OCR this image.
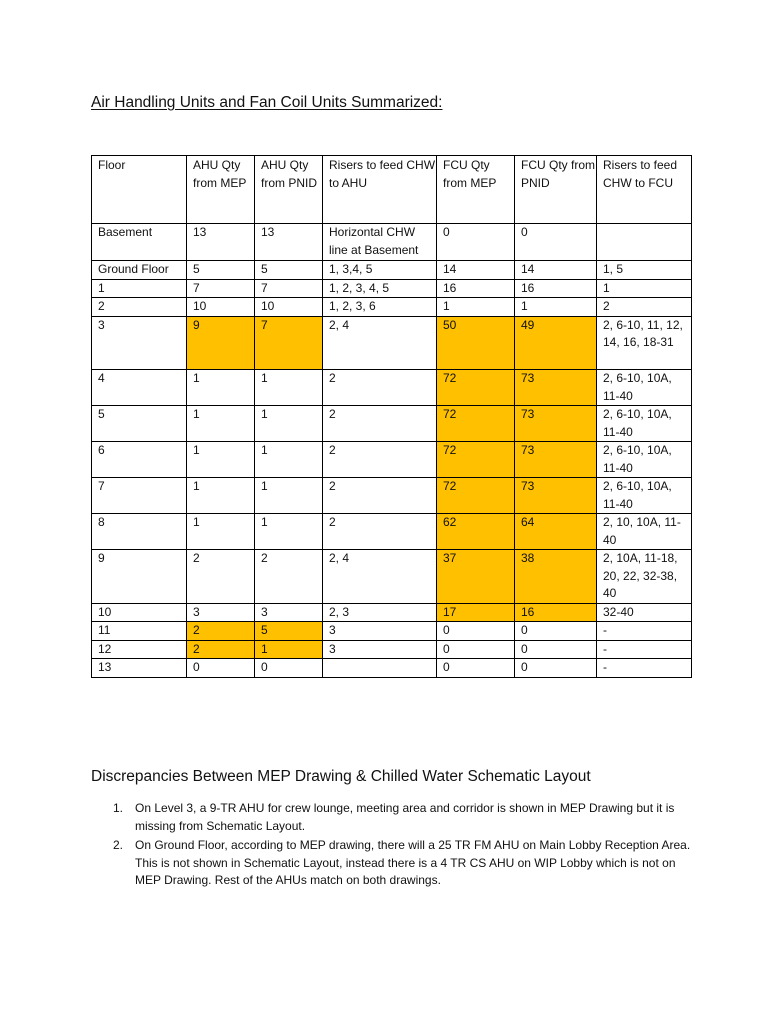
Air Handling Units and Fan Coil Units Summarized:
Floor	AHU Qty from MEP	AHU Qty from PNID	Risers to feed CHW to AHU	FCU Qty from MEP	FCU Qty from PNID	Risers to feed CHW to FCU
Basement	13	13	Horizontal CHW line at Basement	0	0	
Ground Floor	5	5	1, 3,4, 5	14	14	1, 5
1	7	7	1, 2, 3, 4, 5	16	16	1
2	10	10	1, 2, 3, 6	1	1	2
3	9	7	2, 4	50	49	2, 6-10, 11, 12, 14, 16, 18-31
4	1	1	2	72	73	2, 6-10, 10A, 11-40
5	1	1	2	72	73	2, 6-10, 10A, 11-40
6	1	1	2	72	73	2, 6-10, 10A, 11-40
7	1	1	2	72	73	2, 6-10, 10A, 11-40
8	1	1	2	62	64	2, 10, 10A, 11-40
9	2	2	2, 4	37	38	2, 10A, 11-18, 20, 22, 32-38, 40
10	3	3	2, 3	17	16	32-40
11	2	5	3	0	0	-
12	2	1	3	0	0	-
13	0	0		0	0	-
Discrepancies Between MEP Drawing & Chilled Water Schematic Layout
1. On Level 3, a 9-TR AHU for crew lounge, meeting area and corridor is shown in MEP Drawing but it is missing from Schematic Layout.
2. On Ground Floor, according to MEP drawing, there will a 25 TR FM AHU on Main Lobby Reception Area. This is not shown in Schematic Layout, instead there is a 4 TR CS AHU on WIP Lobby which is not on MEP Drawing. Rest of the AHUs match on both drawings.
